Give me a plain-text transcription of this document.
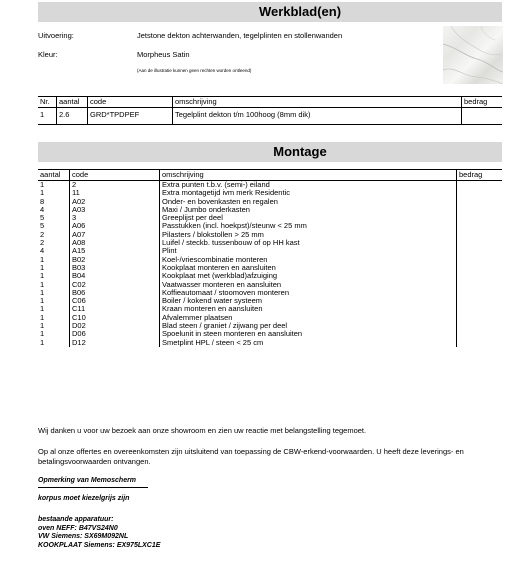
Werkblad(en)
Uitvoering:	Jetstone dekton achterwanden, tegelplinten en stollenwanden
Kleur:	Morpheus Satin
(Aan de illustratie kunnen geen rechten worden ontleend)
Nr.	aantal	code	omschrijving	bedrag
1	2.6	GRD*TPDPEF	Tegelplint dekton t/m 100hoog (8mm dik)	
Montage
aantal	code	omschrijving	bedrag
1	2	Extra punten t.b.v. (semi-) eiland	
1	11	Extra montagetijd ivm merk Residentic	
8	A02	Onder- en bovenkasten en regalen	
4	A03	Maxi / Jumbo onderkasten	
5	3	Greeplijst per deel	
5	A06	Passtukken (incl. hoekpst)/steunw < 25 mm	
2	A07	Pilasters / blokstollen > 25 mm	
2	A08	Luifel / steckb. tussenbouw of op HH kast	
4	A15	Plint	
1	B02	Koel-/vriescombinatie monteren	
1	B03	Kookplaat monteren en aansluiten	
1	B04	Kookplaat met (werkblad)afzuiging	
1	C02	Vaatwasser monteren en aansluiten	
1	B06	Koffieautomaat / stoomoven monteren	
1	C06	Boiler / kokend water systeem	
1	C11	Kraan monteren en aansluiten	
1	C10	Afvalemmer plaatsen	
1	D02	Blad steen / graniet / zijwang per deel	
1	D06	Spoelunit in steen monteren en aansluiten	
1	D12	Smetplint HPL / steen < 25 cm	
Wij danken u voor uw bezoek aan onze showroom en zien uw reactie met belangstelling tegemoet.
Op al onze offertes en overeenkomsten zijn uitsluitend van toepassing de CBW-erkend-voorwaarden. U heeft deze leverings- en betalingsvoorwaarden ontvangen.
Opmerking van Memoscherm
korpus moet kiezelgrijs zijn
bestaande apparatuur:
oven NEFF: B47VS24N0
VW Siemens: SX69M092NL
KOOKPLAAT Siemens: EX975LXC1E
